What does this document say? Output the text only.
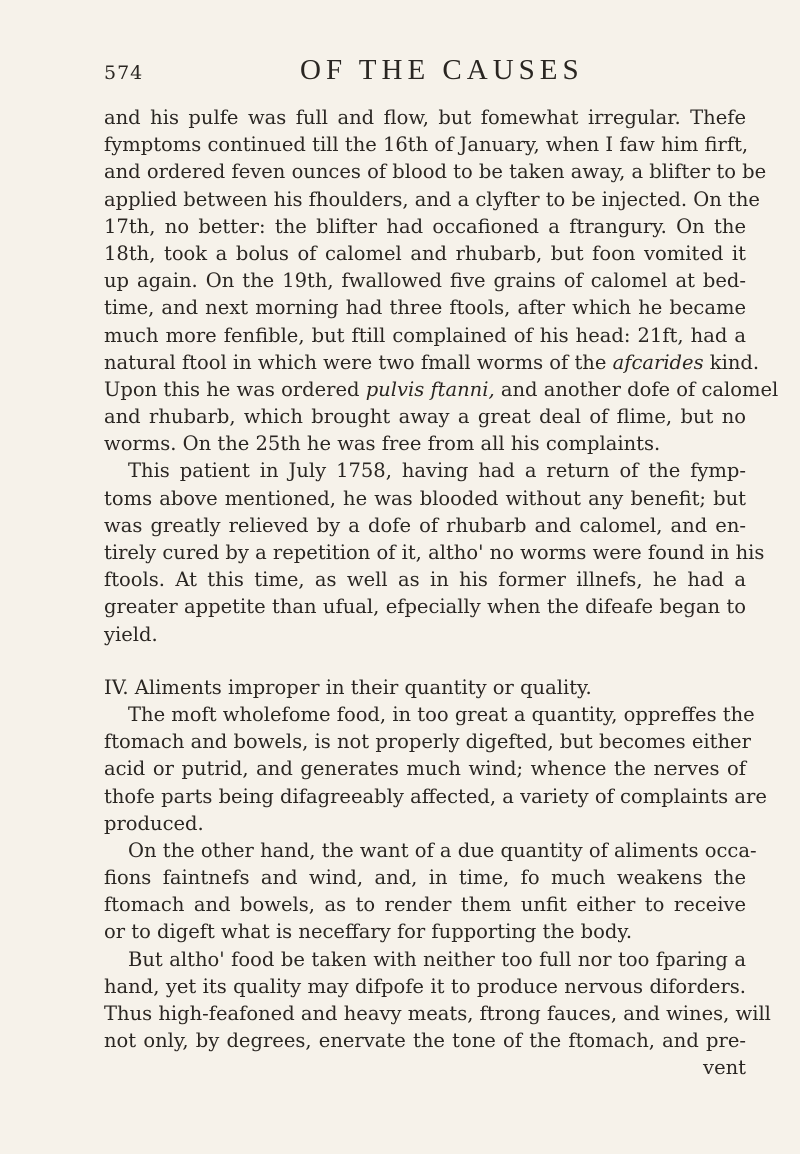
574	OF THE CAUSES
and his pulfe was full and flow, but fomewhat irregular. Thefe
fymptoms continued till the 16th of January, when I faw him firft,
and ordered feven ounces of blood to be taken away, a blifter to be
applied between his fhoulders, and a clyfter to be injected. On the
17th, no better: the blifter had occafioned a ftrangury. On the
18th, took a bolus of calomel and rhubarb, but foon vomited it
up again. On the 19th, fwallowed five grains of calomel at bed-
time, and next morning had three ftools, after which he became
much more fenfible, but ftill complained of his head: 21ft, had a
natural ftool in which were two fmall worms of the afcarides kind.
Upon this he was ordered pulvis ftanni, and another dofe of calomel
and rhubarb, which brought away a great deal of flime, but no
worms. On the 25th he was free from all his complaints.
This patient in July 1758, having had a return of the fymp-
toms above mentioned, he was blooded without any benefit; but
was greatly relieved by a dofe of rhubarb and calomel, and en-
tirely cured by a repetition of it, altho' no worms were found in his
ftools. At this time, as well as in his former illnefs, he had a
greater appetite than ufual, efpecially when the difeafe began to
yield.
IV. Aliments improper in their quantity or quality.
The moft wholefome food, in too great a quantity, oppreffes the
ftomach and bowels, is not properly digefted, but becomes either
acid or putrid, and generates much wind; whence the nerves of
thofe parts being difagreeably affected, a variety of complaints are
produced.
On the other hand, the want of a due quantity of aliments occa-
fions faintnefs and wind, and, in time, fo much weakens the
ftomach and bowels, as to render them unfit either to receive
or to digeft what is neceffary for fupporting the body.
But altho' food be taken with neither too full nor too fparing a
hand, yet its quality may difpofe it to produce nervous diforders.
Thus high-feafoned and heavy meats, ftrong fauces, and wines, will
not only, by degrees, enervate the tone of the ftomach, and pre-
vent
